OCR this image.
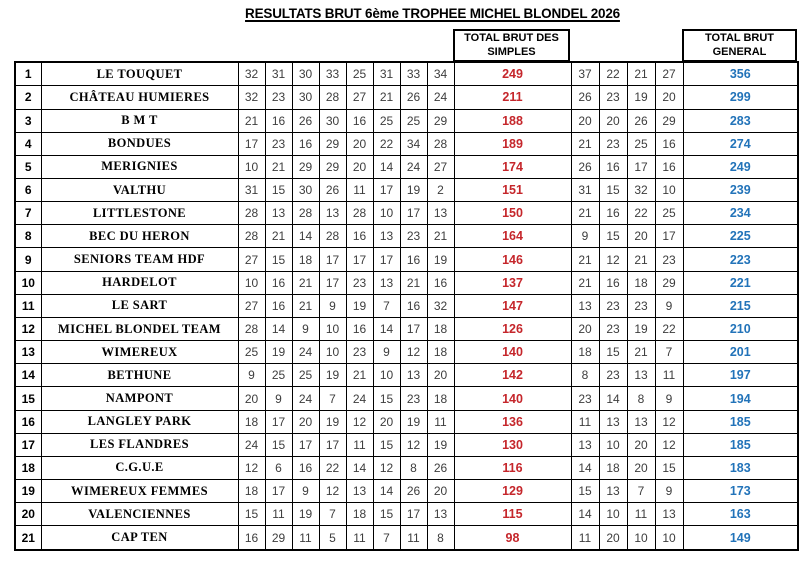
RESULTATS BRUT 6ème TROPHEE MICHEL BLONDEL 2026
TOTAL BRUT DES
SIMPLES
TOTAL BRUT
GENERAL
1	LE TOUQUET	32	31	30	33	25	31	33	34	249	37	22	21	27	356
2	CHÂTEAU HUMIERES	32	23	30	28	27	21	26	24	211	26	23	19	20	299
3	B M T	21	16	26	30	16	25	25	29	188	20	20	26	29	283
4	BONDUES	17	23	16	29	20	22	34	28	189	21	23	25	16	274
5	MERIGNIES	10	21	29	29	20	14	24	27	174	26	16	17	16	249
6	VALTHU	31	15	30	26	11	17	19	2	151	31	15	32	10	239
7	LITTLESTONE	28	13	28	13	28	10	17	13	150	21	16	22	25	234
8	BEC DU HERON	28	21	14	28	16	13	23	21	164	9	15	20	17	225
9	SENIORS TEAM HDF	27	15	18	17	17	17	16	19	146	21	12	21	23	223
10	HARDELOT	10	16	21	17	23	13	21	16	137	21	16	18	29	221
11	LE SART	27	16	21	9	19	7	16	32	147	13	23	23	9	215
12	MICHEL BLONDEL TEAM	28	14	9	10	16	14	17	18	126	20	23	19	22	210
13	WIMEREUX	25	19	24	10	23	9	12	18	140	18	15	21	7	201
14	BETHUNE	9	25	25	19	21	10	13	20	142	8	23	13	11	197
15	NAMPONT	20	9	24	7	24	15	23	18	140	23	14	8	9	194
16	LANGLEY PARK	18	17	20	19	12	20	19	11	136	11	13	13	12	185
17	LES FLANDRES	24	15	17	17	11	15	12	19	130	13	10	20	12	185
18	C.G.U.E	12	6	16	22	14	12	8	26	116	14	18	20	15	183
19	WIMEREUX FEMMES	18	17	9	12	13	14	26	20	129	15	13	7	9	173
20	VALENCIENNES	15	11	19	7	18	15	17	13	115	14	10	11	13	163
21	CAP TEN	16	29	11	5	11	7	11	8	98	11	20	10	10	149
